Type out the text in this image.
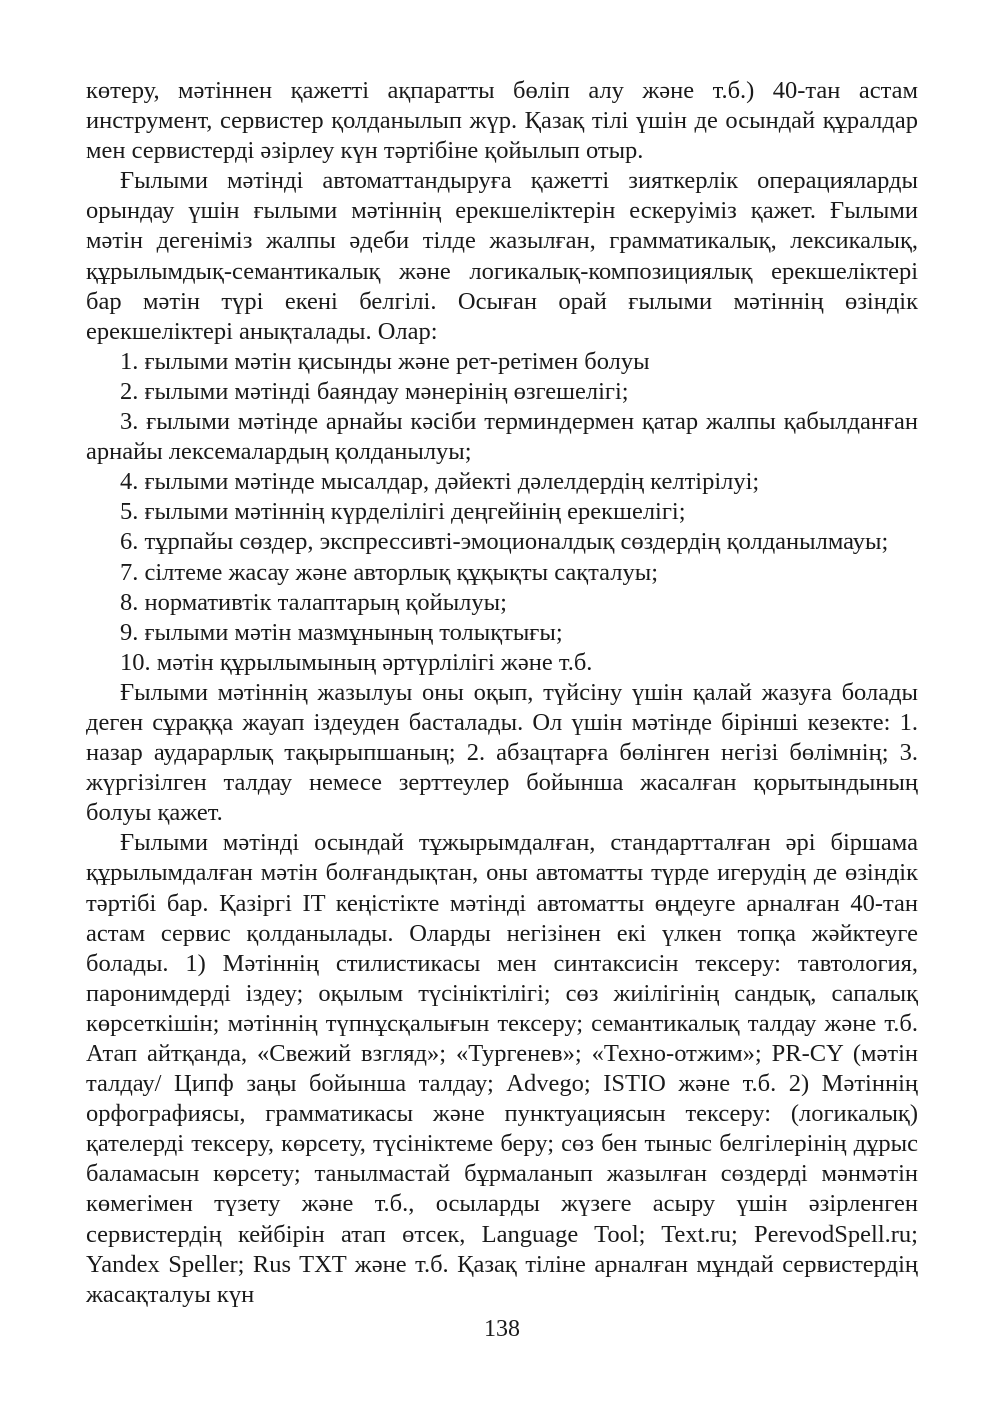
көтеру, мәтіннен қажетті ақпаратты бөліп алу және т.б.) 40-тан астам инструмент, сервистер қолданылып жүр. Қазақ тілі үшін де осындай құралдар мен сервистерді әзірлеу күн тәртібіне қойылып отыр.

Ғылыми мәтінді автоматтандыруға қажетті зияткерлік операцияларды орындау үшін ғылыми мәтіннің ерекшеліктерін ескеруіміз қажет. Ғылыми мәтін дегеніміз жалпы әдеби тілде жазылған, грамматикалық, лексикалық, құрылымдық-семантикалық және логикалық-композициялық ерекшеліктері бар мәтін түрі екені белгілі. Осыған орай ғылыми мәтіннің өзіндік ерекшеліктері анықталады. Олар:

1. ғылыми мәтін қисынды және рет-ретімен болуы

2. ғылыми мәтінді баяндау мәнерінің өзгешелігі;

3. ғылыми мәтінде арнайы кәсіби терминдермен қатар жалпы қабылданған арнайы лексемалардың қолданылуы;

4. ғылыми мәтінде мысалдар, дәйекті дәлелдердің келтірілуі;

5. ғылыми мәтіннің күрделілігі деңгейінің ерекшелігі;

6. тұрпайы сөздер, экспрессивті-эмоционалдық сөздердің қолданылмауы;

7. сілтеме жасау және авторлық құқықты сақталуы;

8. нормативтік талаптарың қойылуы;

9. ғылыми мәтін мазмұнының толықтығы;

10. мәтін құрылымының әртүрлілігі және т.б.

Ғылыми мәтіннің жазылуы оны оқып, түйсіну үшін қалай жазуға болады деген сұраққа жауап іздеуден басталады. Ол үшін мәтінде бірінші кезекте: 1. назар аударарлық тақырыпшаның; 2. абзацтарға бөлінген негізі бөлімнің; 3. жүргізілген талдау немесе зерттеулер бойынша жасалған қорытындының болуы қажет.

Ғылыми мәтінді осындай тұжырымдалған, стандартталған әрі біршама құрылымдалған мәтін болғандықтан, оны автоматты түрде игерудің де өзіндік тәртібі бар. Қазіргі IT кеңістікте мәтінді автоматты өңдеуге арналған 40-тан астам сервис қолданылады. Оларды негізінен екі үлкен топқа жәйктеуге болады. 1) Мәтіннің стилистикасы мен синтаксисін тексеру: тавтология, паронимдерді іздеу; оқылым түсініктілігі; сөз жиілігінің сандық, сапалық көрсеткішін; мәтіннің түпнұсқалығын тексеру; семантикалық талдау және т.б. Атап айтқанда, «Свежий взгляд»; «Тургенев»; «Техно-отжим»; PR-CY (мәтін талдау/ Ципф заңы бойынша талдау; Advego; ISTIO және т.б. 2) Мәтіннің орфографиясы, грамматикасы және пунктуациясын тексеру: (логикалық) қателерді тексеру, көрсету, түсініктеме беру; сөз бен тыныс белгілерінің дұрыс баламасын көрсету; танылмастай бұрмаланып жазылған сөздерді мәнмәтін көмегімен түзету және т.б., осыларды жүзеге асыру үшін әзірленген сервистердің кейбірін атап өтсек, Language Tool; Text.ru; PerevodSpell.ru; Yandex Speller; Rus TXT және т.б. Қазақ тіліне арналған мұндай сервистердің жасақталуы күн

138
